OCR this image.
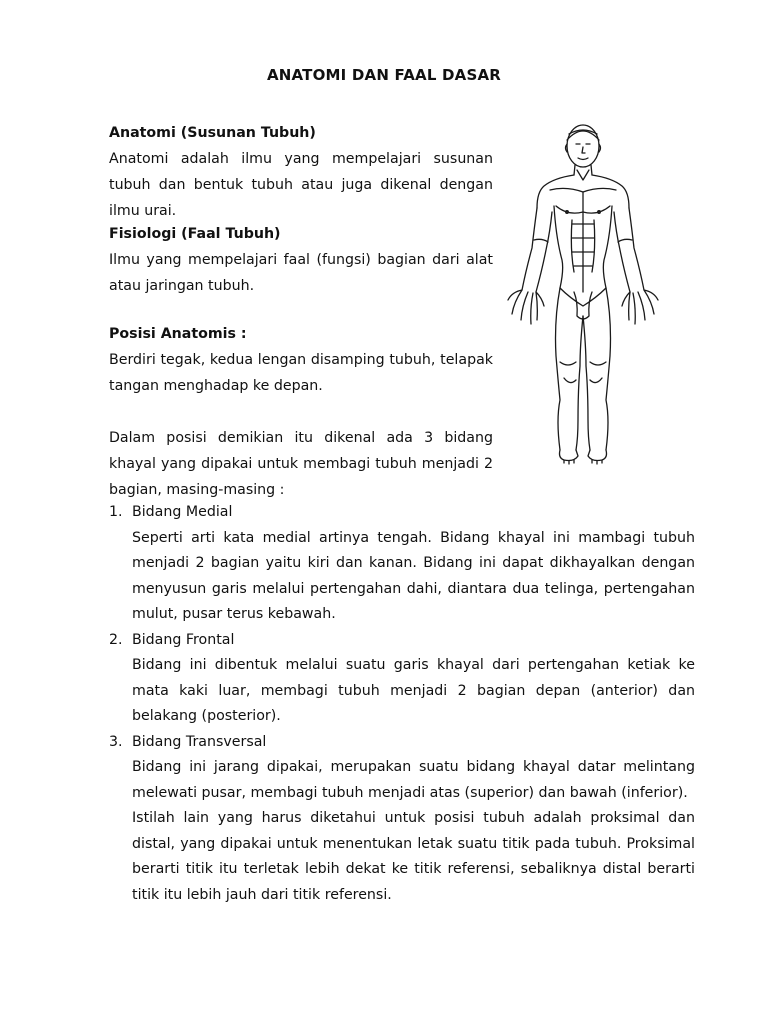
ANATOMI DAN FAAL DASAR
Anatomi (Susunan Tubuh)
Anatomi adalah ilmu yang mempelajari susunan tubuh dan bentuk tubuh atau juga dikenal dengan ilmu urai.
Fisiologi (Faal Tubuh)
Ilmu yang mempelajari faal (fungsi) bagian dari alat atau jaringan tubuh.
Posisi Anatomis :
Berdiri tegak, kedua lengan disamping tubuh, telapak tangan menghadap ke depan.
Dalam posisi demikian itu dikenal ada 3 bidang khayal yang dipakai untuk membagi tubuh menjadi 2 bagian, masing-masing :
1. Bidang Medial
Seperti arti kata medial artinya tengah. Bidang khayal ini mambagi tubuh menjadi 2 bagian yaitu kiri dan kanan. Bidang ini dapat dikhayalkan dengan menyusun garis melalui pertengahan dahi, diantara dua telinga, pertengahan mulut, pusar terus kebawah.
2. Bidang Frontal
Bidang ini dibentuk melalui suatu garis khayal dari pertengahan ketiak ke mata kaki luar, membagi tubuh menjadi 2 bagian depan (anterior) dan belakang (posterior).
3. Bidang Transversal
Bidang ini jarang dipakai, merupakan suatu bidang khayal datar melintang melewati pusar, membagi tubuh menjadi atas (superior) dan bawah (inferior).
Istilah lain yang harus diketahui untuk posisi tubuh adalah proksimal dan distal, yang dipakai untuk menentukan letak suatu titik pada tubuh. Proksimal berarti titik itu terletak lebih dekat ke titik referensi, sebaliknya distal berarti titik itu lebih jauh dari titik referensi.
